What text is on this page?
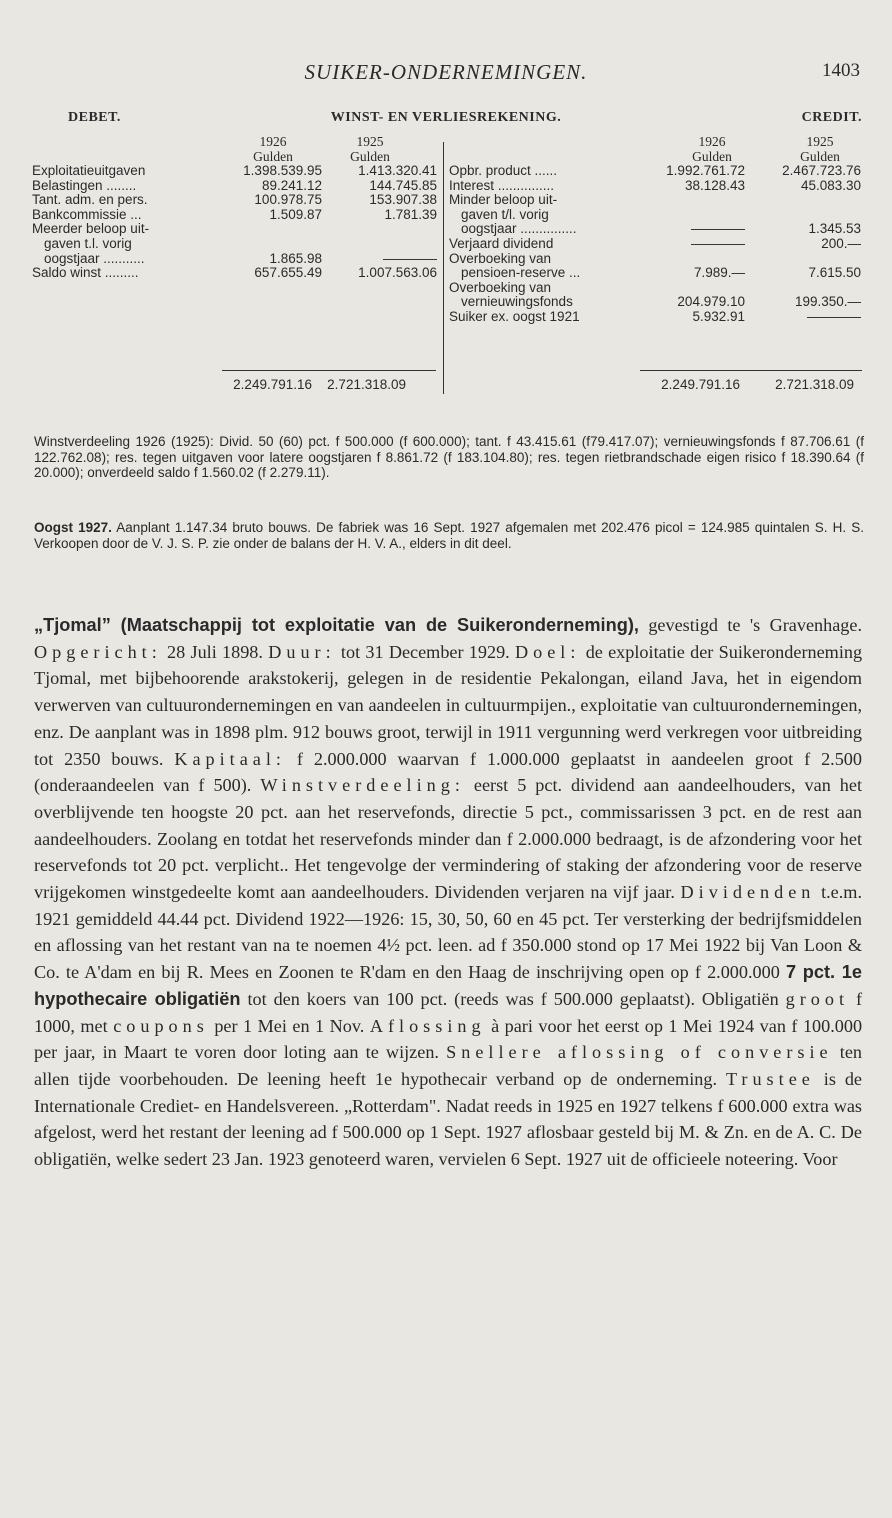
SUIKER-ONDERNEMINGEN.	1403
DEBET.	WINST- EN VERLIESREKENING.	CREDIT.
1926
Gulden
1925
Gulden
1926
Gulden
1925
Gulden
Exploitatieuitgaven	1.398.539.95	1.413.320.41
Belastingen ........	89.241.12	144.745.85
Tant. adm. en pers.	100.978.75	153.907.38
Bankcommissie ...	1.509.87	1.781.39
Meerder beloop uit-		
gaven t.l. vorig		
oogstjaar ...........	1.865.98	————
Saldo winst .........	657.655.49	1.007.563.06
Opbr. product ......	1.992.761.72	2.467.723.76
Interest ...............	38.128.43	45.083.30
Minder beloop uit-		
gaven t/l. vorig		
oogstjaar ...............	————	1.345.53
Verjaard dividend	————	200.—
Overboeking van		
pensioen-reserve ...	7.989.—	7.615.50
Overboeking van		
vernieuwingsfonds	204.979.10	199.350.—
Suiker ex. oogst 1921	5.932.91	————
2.249.791.16	2.721.318.09	2.249.791.16	2.721.318.09
Winstverdeeling 1926 (1925): Divid. 50 (60) pct. f 500.000 (f 600.000); tant. f 43.415.61 (f79.417.07); vernieuwingsfonds f 87.706.61 (f 122.762.08); res. tegen uitgaven voor latere oogstjaren f 8.861.72 (f 183.104.80); res. tegen rietbrandschade eigen risico f 18.390.64 (f 20.000); onverdeeld saldo f 1.560.02 (f 2.279.11).
Oogst 1927. Aanplant 1.147.34 bruto bouws. De fabriek was 16 Sept. 1927 afgemalen met 202.476 picol = 124.985 quintalen S. H. S. Verkoopen door de V. J. S. P. zie onder de balans der H. V. A., elders in dit deel.
„Tjomal” (Maatschappij tot exploitatie van de Suikeronderneming), gevestigd te 's Gravenhage. Opgericht: 28 Juli 1898. Duur: tot 31 December 1929. Doel: de exploitatie der Suikeronderneming Tjomal, met bijbehoorende arakstokerij, gelegen in de residentie Pekalongan, eiland Java, het in eigendom verwerven van cultuurondernemingen en van aandeelen in cultuurmpijen., exploitatie van cultuurondernemingen, enz. De aanplant was in 1898 plm. 912 bouws groot, terwijl in 1911 vergunning werd verkregen voor uitbreiding tot 2350 bouws. Kapitaal: f 2.000.000 waarvan f 1.000.000 geplaatst in aandeelen groot f 2.500 (onderaandeelen van f 500). Winstverdeeling: eerst 5 pct. dividend aan aandeelhouders, van het overblijvende ten hoogste 20 pct. aan het reservefonds, directie 5 pct., commissarissen 3 pct. en de rest aan aandeelhouders. Zoolang en totdat het reservefonds minder dan f 2.000.000 bedraagt, is de afzondering voor het reservefonds tot 20 pct. verplicht.. Het tengevolge der vermindering of staking der afzondering voor de reserve vrijgekomen winstgedeelte komt aan aandeelhouders. Dividenden verjaren na vijf jaar. Dividenden t.e.m. 1921 gemiddeld 44.44 pct. Dividend 1922—1926: 15, 30, 50, 60 en 45 pct. Ter versterking der bedrijfsmiddelen en aflossing van het restant van na te noemen 4½ pct. leen. ad f 350.000 stond op 17 Mei 1922 bij Van Loon & Co. te A'dam en bij R. Mees en Zoonen te R'dam en den Haag de inschrijving open op f 2.000.000 7 pct. 1e hypothecaire obligatiën tot den koers van 100 pct. (reeds was f 500.000 geplaatst). Obligatiën groot f 1000, met coupons per 1 Mei en 1 Nov. Aflossing à pari voor het eerst op 1 Mei 1924 van f 100.000 per jaar, in Maart te voren door loting aan te wijzen. Snellere aflossing of conversie ten allen tijde voorbehouden. De leening heeft 1e hypothecair verband op de onderneming. Trustee is de Internationale Crediet- en Handelsvereen. „Rotterdam". Nadat reeds in 1925 en 1927 telkens f 600.000 extra was afgelost, werd het restant der leening ad f 500.000 op 1 Sept. 1927 aflosbaar gesteld bij M. & Zn. en de A. C. De obligatiën, welke sedert 23 Jan. 1923 genoteerd waren, vervielen 6 Sept. 1927 uit de officieele noteering. Voor
